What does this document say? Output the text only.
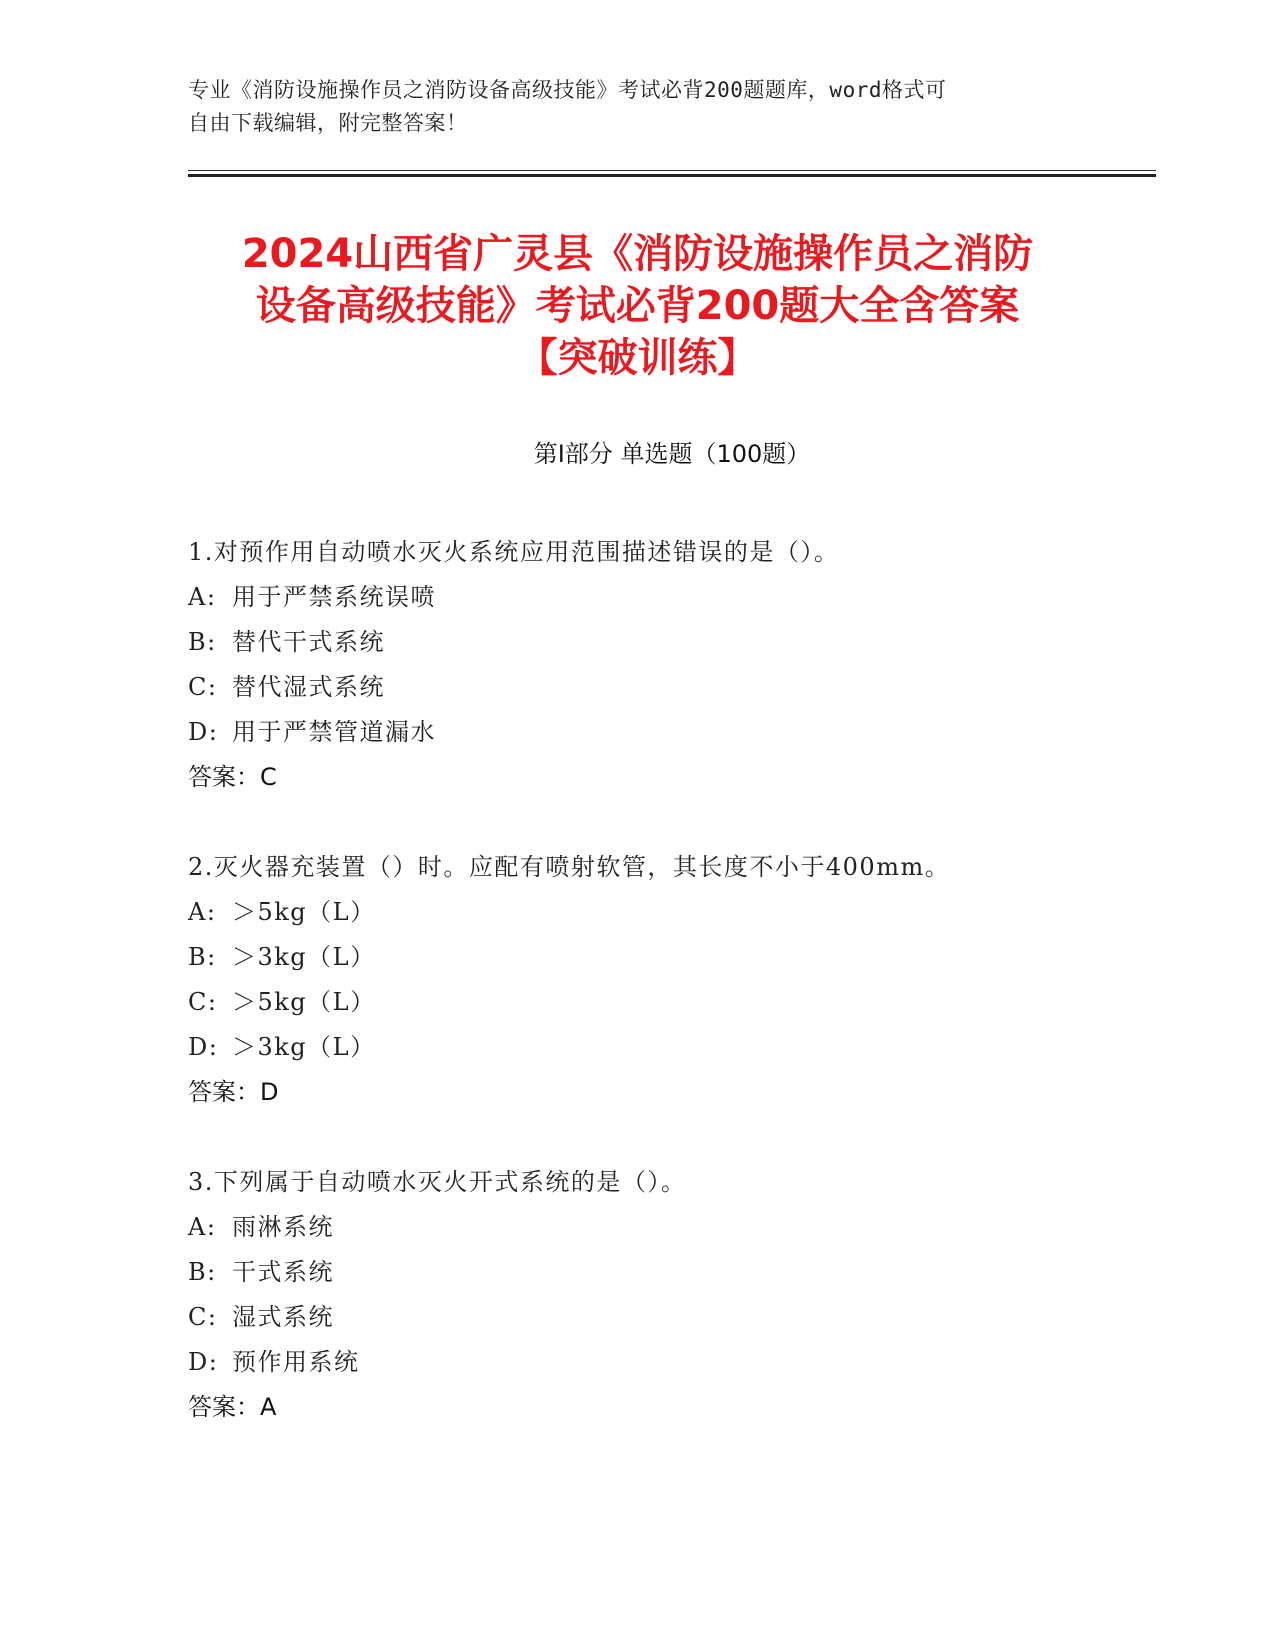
专业《消防设施操作员之消防设备高级技能》考试必背200题题库，word格式可
自由下载编辑，附完整答案！
2024山西省广灵县《消防设施操作员之消防
设备高级技能》考试必背200题大全含答案
【突破训练】
第Ⅰ部分 单选题（100题）
1.对预作用自动喷水灭火系统应用范围描述错误的是（）。
A: 用于严禁系统误喷
B: 替代干式系统
C: 替代湿式系统
D: 用于严禁管道漏水
答案：C
2.灭火器充装置（）时。应配有喷射软管，其长度不小于400mm。
A: ＞5kg（L）
B: ＞3kg（L）
C: ＞5kg（L）
D: ＞3kg（L）
答案：D
3.下列属于自动喷水灭火开式系统的是（）。
A: 雨淋系统
B: 干式系统
C: 湿式系统
D: 预作用系统
答案：A
